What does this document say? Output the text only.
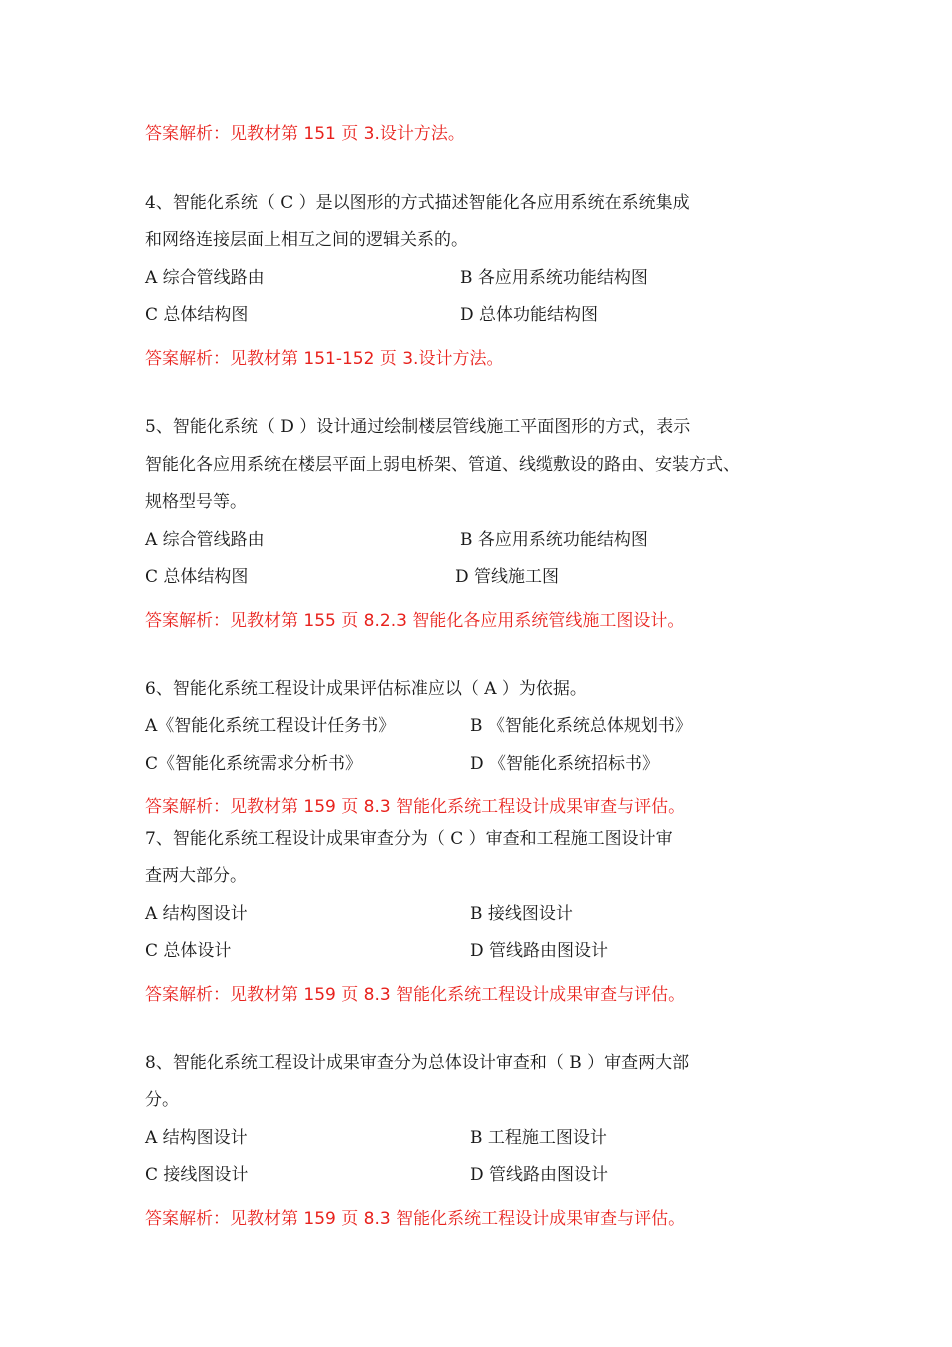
答案解析：见教材第 151 页 3.设计方法。
4、智能化系统（ C ）是以图形的方式描述智能化各应用系统在系统集成
和网络连接层面上相互之间的逻辑关系的。
A 综合管线路由	B 各应用系统功能结构图
C 总体结构图	D 总体功能结构图
答案解析：见教材第 151-152 页 3.设计方法。
5、智能化系统（ D ）设计通过绘制楼层管线施工平面图形的方式，表示
智能化各应用系统在楼层平面上弱电桥架、管道、线缆敷设的路由、安装方式、
规格型号等。
A 综合管线路由	B 各应用系统功能结构图
C 总体结构图	D 管线施工图
答案解析：见教材第 155 页 8.2.3 智能化各应用系统管线施工图设计。
6、智能化系统工程设计成果评估标准应以（ A ）为依据。
A《智能化系统工程设计任务书》	B 《智能化系统总体规划书》
C《智能化系统需求分析书》	D 《智能化系统招标书》
答案解析：见教材第 159 页 8.3 智能化系统工程设计成果审查与评估。
7、智能化系统工程设计成果审查分为（ C ）审查和工程施工图设计审
查两大部分。
A 结构图设计	B 接线图设计
C 总体设计	D 管线路由图设计
答案解析：见教材第 159 页 8.3 智能化系统工程设计成果审查与评估。
8、智能化系统工程设计成果审查分为总体设计审查和（ B ）审查两大部
分。
A 结构图设计	B 工程施工图设计
C 接线图设计	D 管线路由图设计
答案解析：见教材第 159 页 8.3 智能化系统工程设计成果审查与评估。
